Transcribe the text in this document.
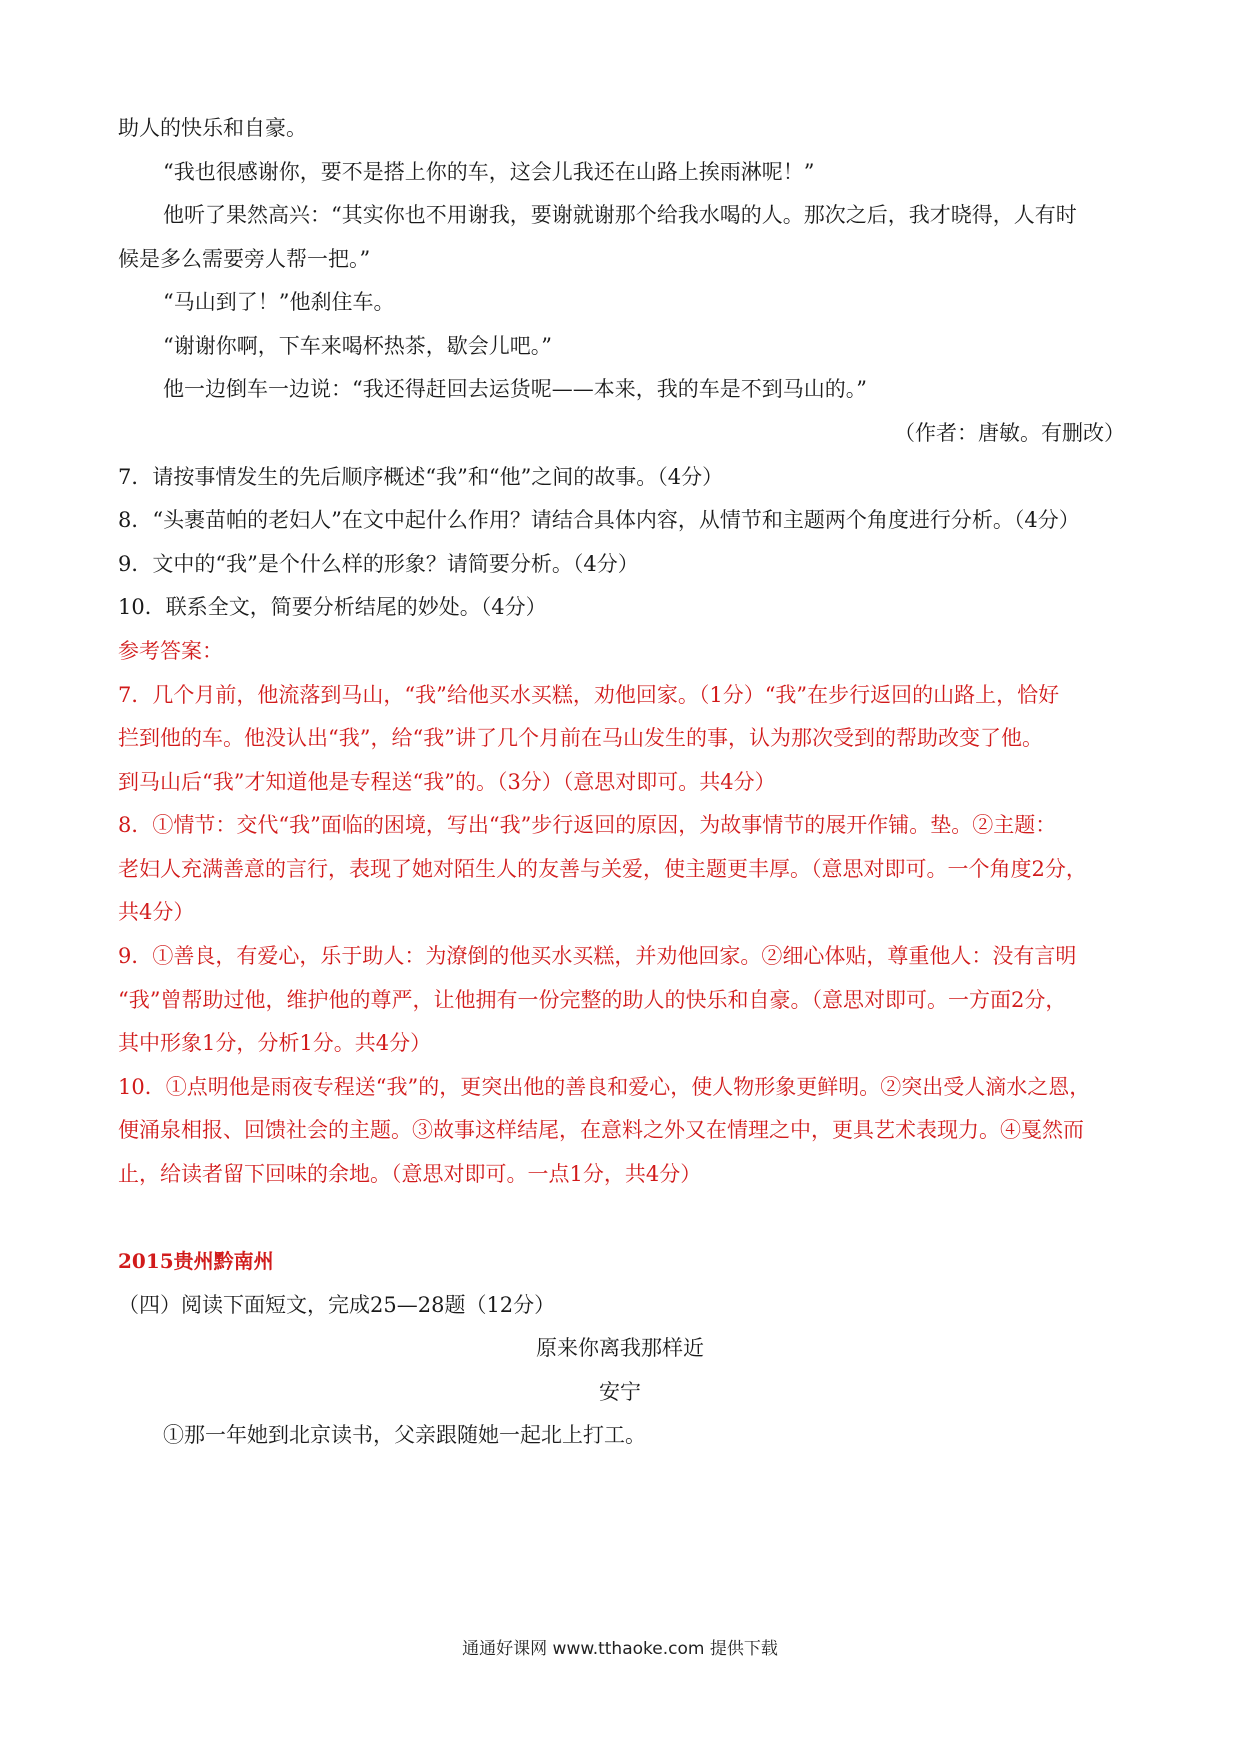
助人的快乐和自豪。
“我也很感谢你，要不是搭上你的车，这会儿我还在山路上挨雨淋呢！”
他听了果然高兴：“其实你也不用谢我，要谢就谢那个给我水喝的人。那次之后，我才晓得，人有时
候是多么需要旁人帮一把。”
“马山到了！”他刹住车。
“谢谢你啊，下车来喝杯热茶，歇会儿吧。”
他一边倒车一边说：“我还得赶回去运货呢——本来，我的车是不到马山的。”
（作者：唐敏。有删改）
7．请按事情发生的先后顺序概述“我”和“他”之间的故事。（4分）
8．“头裹苗帕的老妇人”在文中起什么作用？请结合具体内容，从情节和主题两个角度进行分析。（4分）
9．文中的“我”是个什么样的形象？请简要分析。（4分）
10．联系全文，简要分析结尾的妙处。（4分）
参考答案：
7．几个月前，他流落到马山，“我”给他买水买糕，劝他回家。（1分）“我”在步行返回的山路上，恰好
拦到他的车。他没认出“我”，给“我”讲了几个月前在马山发生的事，认为那次受到的帮助改变了他。
到马山后“我”才知道他是专程送“我”的。（3分）（意思对即可。共4分）
8．①情节：交代“我”面临的困境，写出“我”步行返回的原因，为故事情节的展开作铺。垫。②主题：
老妇人充满善意的言行，表现了她对陌生人的友善与关爱，使主题更丰厚。（意思对即可。一个角度2分，
共4分）
9．①善良，有爱心，乐于助人：为潦倒的他买水买糕，并劝他回家。②细心体贴，尊重他人：没有言明
“我”曾帮助过他，维护他的尊严，让他拥有一份完整的助人的快乐和自豪。（意思对即可。一方面2分，
其中形象1分，分析1分。共4分）
10．①点明他是雨夜专程送“我”的，更突出他的善良和爱心，使人物形象更鲜明。②突出受人滴水之恩，
便涌泉相报、回馈社会的主题。③故事这样结尾，在意料之外又在情理之中，更具艺术表现力。④戛然而
止，给读者留下回味的余地。（意思对即可。一点1分，共4分）
2015贵州黔南州
（四）阅读下面短文，完成25—28题（12分）
原来你离我那样近
安宁
①那一年她到北京读书，父亲跟随她一起北上打工。
通通好课网 www.tthaoke.com 提供下载
